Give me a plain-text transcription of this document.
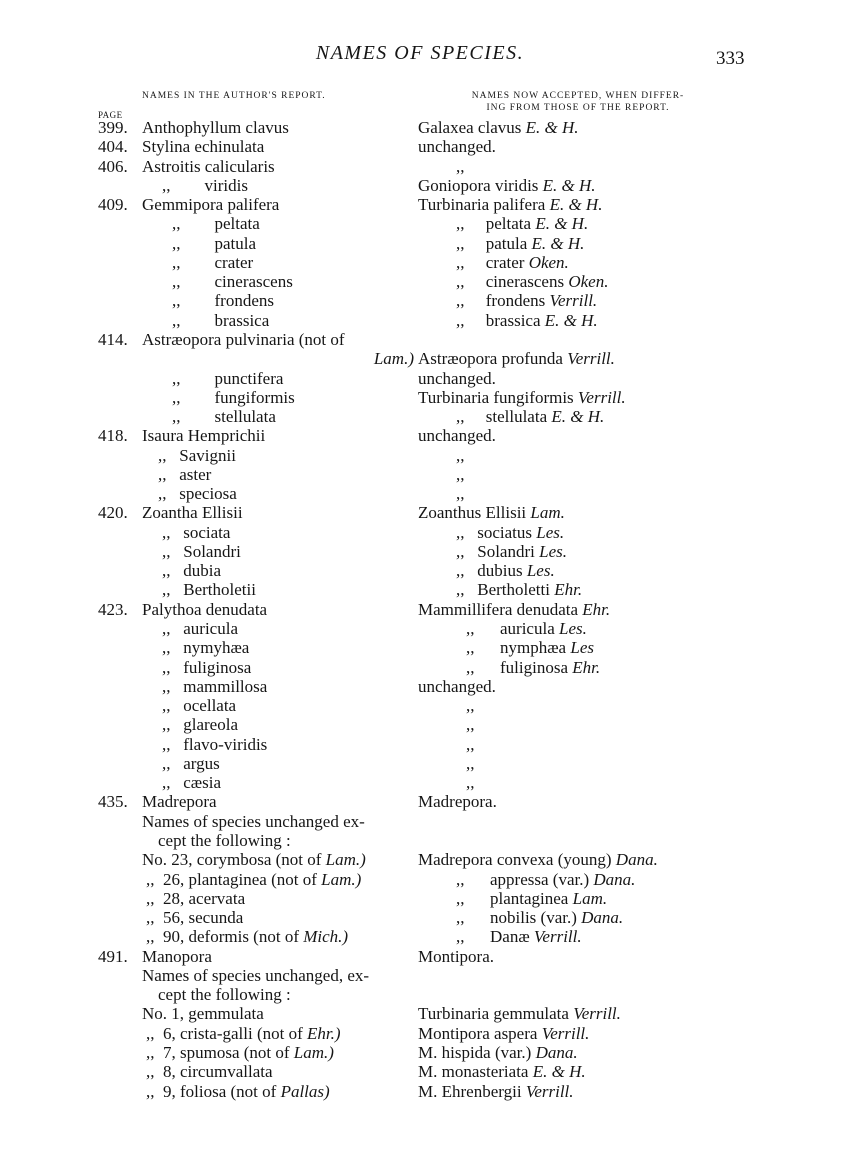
NAMES OF SPECIES.	333
NAMES IN THE AUTHOR'S REPORT.	NAMES NOW ACCEPTED, WHEN DIFFER-
ING FROM THOSE OF THE REPORT.
PAGE
399. Anthophyllum clavus	Galaxea clavus E. & H.
404. Stylina echinulata	unchanged.
406. Astroitis calicularis	,,
,,        viridis	Goniopora viridis E. & H.
409. Gemmipora palifera	Turbinaria palifera E. & H.
,,        peltata	,,     peltata E. & H.
,,        patula	,,     patula E. & H.
,,        crater	,,     crater Oken.
,,        cinerascens	,,     cinerascens Oken.
,,        frondens	,,     frondens Verrill.
,,        brassica	,,     brassica E. & H.
414. Astræopora pulvinaria (not of
Lam.) Astræopora profunda Verrill.
,,        punctifera	unchanged.
,,        fungiformis	Turbinaria fungiformis Verrill.
,,        stellulata	,,     stellulata E. & H.
418. Isaura Hemprichii	unchanged.
,,   Savignii	,,
,,   aster	,,
,,   speciosa	,,
420. Zoantha Ellisii	Zoanthus Ellisii Lam.
,,   sociata	,,   sociatus Les.
,,   Solandri	,,   Solandri Les.
,,   dubia	,,   dubius Les.
,,   Bertholetii	,,   Bertholetti Ehr.
423. Palythoa denudata	Mammillifera denudata Ehr.
,,   auricula	,,      auricula Les.
,,   nymyhæa	,,      nymphæa Les
,,   fuliginosa	,,      fuliginosa Ehr.
,,   mammillosa	unchanged.
,,   ocellata	,,
,,   glareola	,,
,,   flavo-viridis	,,
,,   argus	,,
,,   cæsia	,,
435. Madrepora	Madrepora.
Names of species unchanged ex-
cept the following :
No. 23, corymbosa (not of Lam.)	Madrepora convexa (young) Dana.
,,  26, plantaginea (not of Lam.)	,,      appressa (var.) Dana.
,,  28, acervata	,,      plantaginea Lam.
,,  56, secunda	,,      nobilis (var.) Dana.
,,  90, deformis (not of Mich.)	,,      Danæ Verrill.
491. Manopora	Montipora.
Names of species unchanged, ex-
cept the following :
No. 1, gemmulata	Turbinaria gemmulata Verrill.
,,  6, crista-galli (not of Ehr.)	Montipora aspera Verrill.
,,  7, spumosa (not of Lam.)	M. hispida (var.) Dana.
,,  8, circumvallata	M. monasteriata E. & H.
,,  9, foliosa (not of Pallas)	M. Ehrenbergii Verrill.
